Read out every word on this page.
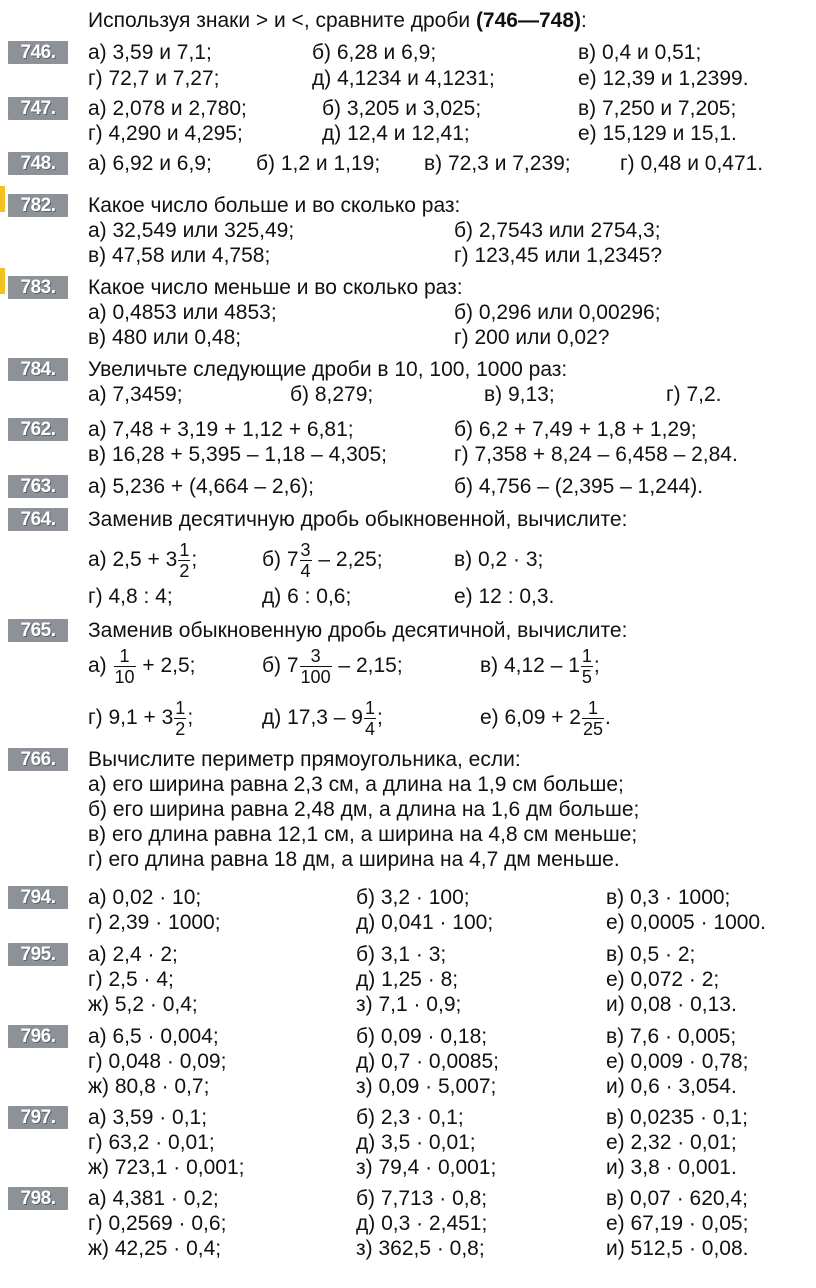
Используя знаки > и <, сравните дроби (746—748):
746.	а) 3,59 и 7,1;	б) 6,28 и 6,9;	в) 0,4 и 0,51;
г) 72,7 и 7,27;	д) 4,1234 и 4,1231;	е) 12,39 и 1,2399.
747.	а) 2,078 и 2,780;	б) 3,205 и 3,025;	в) 7,250 и 7,205;
г) 4,290 и 4,295;	д) 12,4 и 12,41;	е) 15,129 и 15,1.
748.	а) 6,92 и 6,9; б) 1,2 и 1,19; в) 72,3 и 7,239; г) 0,48 и 0,471.
782.	Какое число больше и во сколько раз:
а) 32,549 или 325,49;	б) 2,7543 или 2754,3;
в) 47,58 или 4,758;	г) 123,45 или 1,2345?
783.	Какое число меньше и во сколько раз:
а) 0,4853 или 4853;	б) 0,296 или 0,00296;
в) 480 или 0,48;	г) 200 или 0,02?
784.	Увеличьте следующие дроби в 10, 100, 1000 раз:
а) 7,3459;	б) 8,279;	в) 9,13;	г) 7,2.
762.	а) 7,48 + 3,19 + 1,12 + 6,81;	б) 6,2 + 7,49 + 1,8 + 1,29;
в) 16,28 + 5,395 – 1,18 – 4,305;	г) 7,358 + 8,24 – 6,458 – 2,84.
763.	а) 5,236 + (4,664 – 2,6);	б) 4,756 – (2,395 – 1,244).
764.	Заменив десятичную дробь обыкновенной, вычислите:
а) $2,5 + 3 \frac{1}{2}$ ;	б) $7 \frac{3}{4} - 2,25$;	в) 0,2 · 3;
г) 4,8 : 4;	д) 6 : 0,6;	е) 12 : 0,3.
765.	Заменив обыкновенную дробь десятичной, вычислите:
$а) \frac{1}{10} + 2,5$;	б) $7 \frac{3}{100} - 2,15$;	в) $4,12 - 1 \frac{1}{5}$ ;
г) $9,1 + 3 \frac{1}{2}$ ;	д) $17,3 - 9 \frac{1}{4}$ ;	е) $6,09 + 2 \frac{1}{25}$ .
766.	Вычислите периметр прямоугольника, если:
а) его ширина равна 2,3 см, а длина на 1,9 см больше;
б) его ширина равна 2,48 дм, а длина на 1,6 дм больше;
в) его длина равна 12,1 см, а ширина на 4,8 см меньше;
г) его длина равна 18 дм, а ширина на 4,7 дм меньше.
794.	а) 0,02 · 10;	б) 3,2 · 100;	в) 0,3 · 1000;
г) 2,39 · 1000;	д) 0,041 · 100;	е) 0,0005 · 1000.
795.	а) 2,4 · 2;	б) 3,1 · 3;	в) 0,5 · 2;
г) 2,5 · 4;	д) 1,25 · 8;	е) 0,072 · 2;
ж) 5,2 · 0,4;	з) 7,1 · 0,9;	и) 0,08 · 0,13.
796.	а) 6,5 · 0,004;	б) 0,09 · 0,18;	в) 7,6 · 0,005;
г) 0,048 · 0,09;	д) 0,7 · 0,0085;	е) 0,009 · 0,78;
ж) 80,8 · 0,7;	з) 0,09 · 5,007;	и) 0,6 · 3,054.
797.	а) 3,59 · 0,1;	б) 2,3 · 0,1;	в) 0,0235 · 0,1;
г) 63,2 · 0,01;	д) 3,5 · 0,01;	е) 2,32 · 0,01;
ж) 723,1 · 0,001;	з) 79,4 · 0,001;	и) 3,8 · 0,001.
798.	а) 4,381 · 0,2;	б) 7,713 · 0,8;	в) 0,07 · 620,4;
г) 0,2569 · 0,6;	д) 0,3 · 2,451;	е) 67,19 · 0,05;
ж) 42,25 · 0,4;	з) 362,5 · 0,8;	и) 512,5 · 0,08.
